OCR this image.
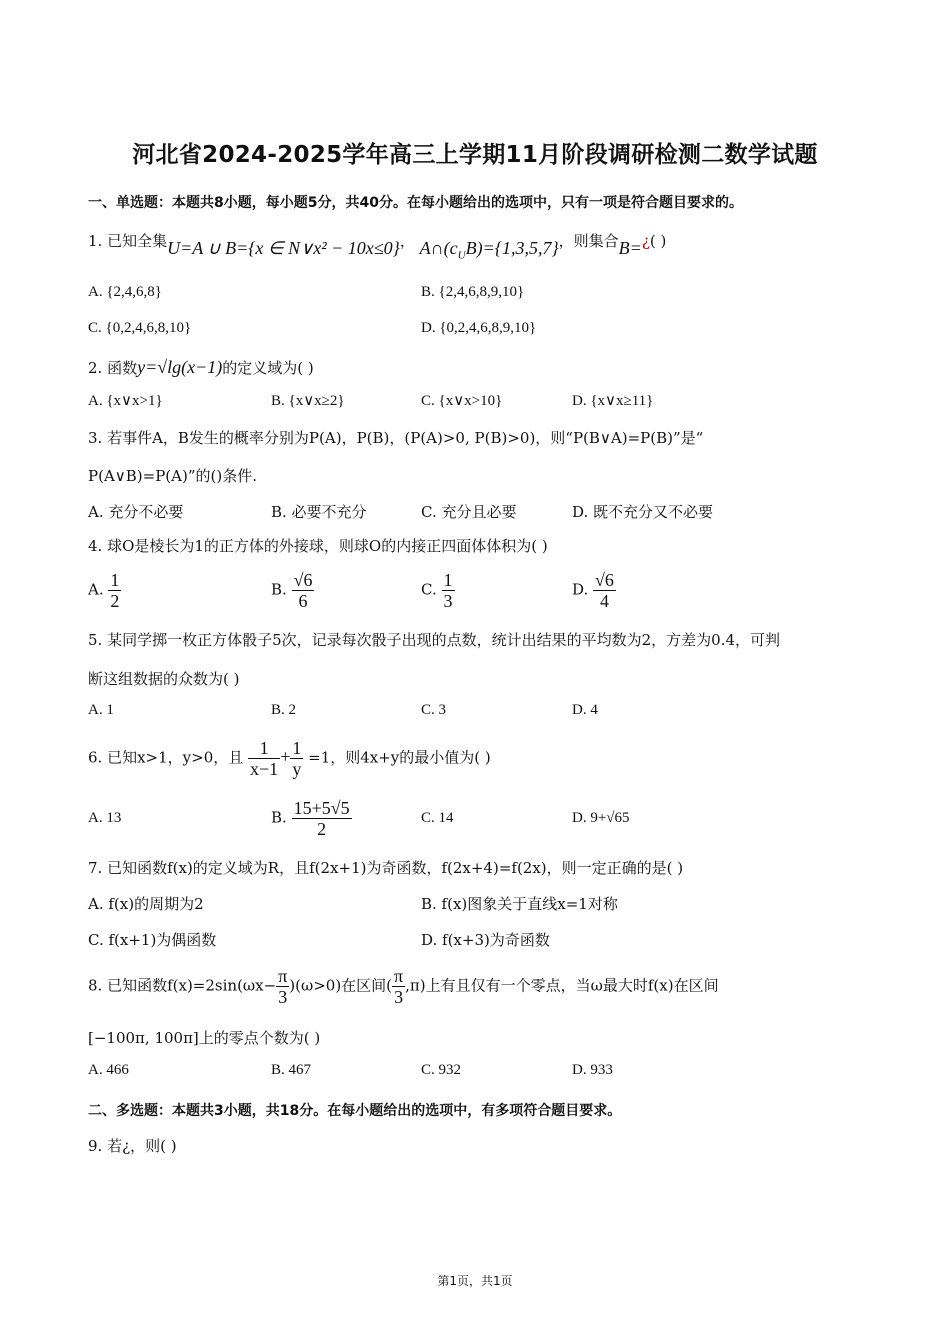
河北省2024-2025学年高三上学期11月阶段调研检测二数学试题
一、单选题：本题共8小题，每小题5分，共40分。在每小题给出的选项中，只有一项是符合题目要求的。
1. 已知全集U=A ∪ B={x ∈ N∨x² − 10x≤0}， $A\cap(c_UB)=\{1,3,5,7\}$，则集合B=¿( )
A. {2,4,6,8}	B. {2,4,6,8,9,10}
C. {0,2,4,6,8,10}	D. {0,2,4,6,8,9,10}
2. 函数y=√lg(x−1)的定义域为( )
A. {x∨x>1}	B. {x∨x≥2}	C. {x∨x>10}	D. {x∨x≥11}
3. 若事件A，B发生的概率分别为P(A)，P(B)，(P(A)>0, P(B)>0)，则“P(B∨A)=P(B)”是“
P(A∨B)=P(A)”的()条件.
A. 充分不必要	B. 必要不充分	C. 充分且必要	D. 既不充分又不必要
4. 球O是棱长为1的正方体的外接球，则球O的内接正四面体体积为( )
A. $\frac{1}{2}$	B. $\frac{√6}{6}$	C. $\frac{1}{3}$	D. $\frac{√6}{4}$
5. 某同学掷一枚正方体骰子5次，记录每次骰子出现的点数，统计出结果的平均数为2，方差为0.4，可判
断这组数据的众数为( )
A. 1	B. 2	C. 3	D. 4
6. 已知x>1，y>0，且 $\frac{1}{x-1} + \frac{1}{y} =1$，则4x+y的最小值为( )
A. 13	B. $\frac{15+5√5}{2}$	C. 14	D. 9+√65
7. 已知函数f(x)的定义域为R，且f(2x+1)为奇函数，f(2x+4)=f(2x)，则一定正确的是( )
A. f(x)的周期为2	B. f(x)图象关于直线x=1对称
C. f(x+1)为偶函数	D. f(x+3)为奇函数
8. 已知函数$f(x)=2\sin(\omega x- \frac{\pi}{3} )(\omega>0)$在区间( $\frac{\pi}{3} ,\pi$)上有且仅有一个零点，当ω最大时f(x)在区间
[−100π, 100π]上的零点个数为( )
A. 466	B. 467	C. 932	D. 933
二、多选题：本题共3小题，共18分。在每小题给出的选项中，有多项符合题目要求。
9. 若¿，则( )
第1页，共1页
